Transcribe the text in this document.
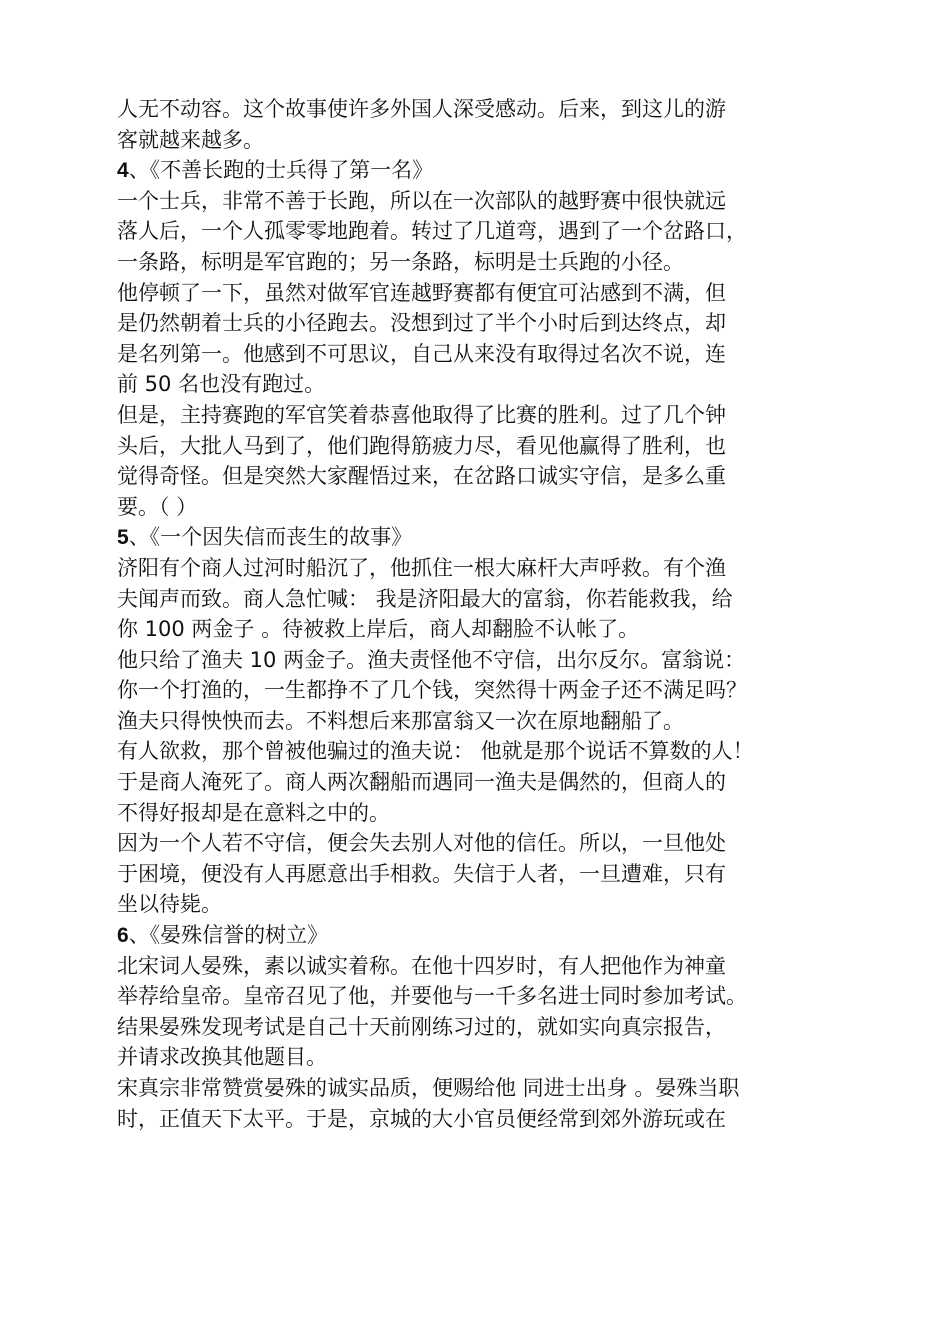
人无不动容。这个故事使许多外国人深受感动。后来，到这儿的游
客就越来越多。
4、《不善长跑的士兵得了第一名》
一个士兵，非常不善于长跑，所以在一次部队的越野赛中很快就远
落人后，一个人孤零零地跑着。转过了几道弯，遇到了一个岔路口，
一条路，标明是军官跑的；另一条路，标明是士兵跑的小径。
他停顿了一下，虽然对做军官连越野赛都有便宜可沾感到不满，但
是仍然朝着士兵的小径跑去。没想到过了半个小时后到达终点，却
是名列第一。他感到不可思议，自己从来没有取得过名次不说，连
前 50 名也没有跑过。
但是，主持赛跑的军官笑着恭喜他取得了比赛的胜利。过了几个钟
头后，大批人马到了，他们跑得筋疲力尽，看见他赢得了胜利，也
觉得奇怪。但是突然大家醒悟过来，在岔路口诚实守信，是多么重
要。（ ）
5、《一个因失信而丧生的故事》
济阳有个商人过河时船沉了，他抓住一根大麻杆大声呼救。有个渔
夫闻声而致。商人急忙喊： 我是济阳最大的富翁，你若能救我，给
你 100 两金子 。待被救上岸后，商人却翻脸不认帐了。
他只给了渔夫 10 两金子。渔夫责怪他不守信，出尔反尔。富翁说：
你一个打渔的，一生都挣不了几个钱，突然得十两金子还不满足吗？
渔夫只得怏怏而去。不料想后来那富翁又一次在原地翻船了。
有人欲救，那个曾被他骗过的渔夫说： 他就是那个说话不算数的人！
于是商人淹死了。商人两次翻船而遇同一渔夫是偶然的，但商人的
不得好报却是在意料之中的。
因为一个人若不守信，便会失去别人对他的信任。所以，一旦他处
于困境，便没有人再愿意出手相救。失信于人者，一旦遭难，只有
坐以待毙。
6、《晏殊信誉的树立》
北宋词人晏殊，素以诚实着称。在他十四岁时，有人把他作为神童
举荐给皇帝。皇帝召见了他，并要他与一千多名进士同时参加考试。
结果晏殊发现考试是自己十天前刚练习过的，就如实向真宗报告，
并请求改换其他题目。
宋真宗非常赞赏晏殊的诚实品质，便赐给他 同进士出身 。晏殊当职
时，正值天下太平。于是，京城的大小官员便经常到郊外游玩或在
